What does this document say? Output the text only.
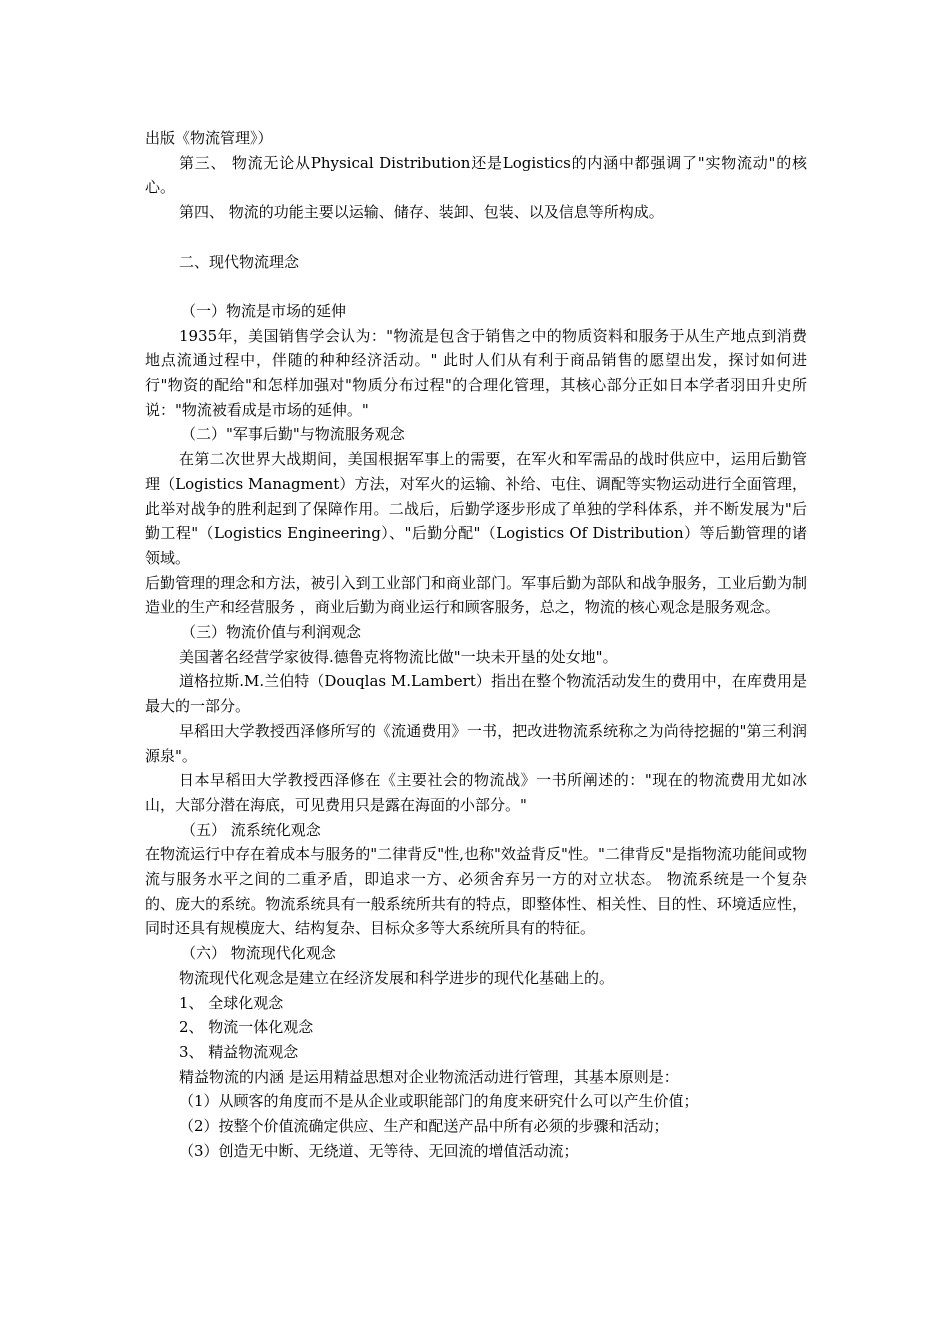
出版《物流管理》）

第三、 物流无论从Physical Distribution还是Logistics的内涵中都强调了"实物流动"的核心。

第四、 物流的功能主要以运输、储存、装卸、包装、以及信息等所构成。

二、现代物流理念

（一）物流是市场的延伸

1935年，美国销售学会认为："物流是包含于销售之中的物质资料和服务于从生产地点到消费地点流通过程中，伴随的种种经济活动。" 此时人们从有利于商品销售的愿望出发，探讨如何进行"物资的配给"和怎样加强对"物质分布过程"的合理化管理，其核心部分正如日本学者羽田升史所说："物流被看成是市场的延伸。"

（二）"军事后勤"与物流服务观念

在第二次世界大战期间，美国根据军事上的需要，在军火和军需品的战时供应中，运用后勤管理（Logistics Managment）方法，对军火的运输、补给、屯住、调配等实物运动进行全面管理，此举对战争的胜利起到了保障作用。二战后，后勤学逐步形成了单独的学科体系，并不断发展为"后勤工程"（Logistics Engineering）、"后勤分配"（Logistics Of Distribution）等后勤管理的诸领域。

后勤管理的理念和方法，被引入到工业部门和商业部门。军事后勤为部队和战争服务，工业后勤为制造业的生产和经营服务 ，商业后勤为商业运行和顾客服务，总之，物流的核心观念是服务观念。

（三）物流价值与利润观念

美国著名经营学家彼得.德鲁克将物流比做"一块未开垦的处女地"。

道格拉斯.M.兰伯特（Douqlas M.Lambert）指出在整个物流活动发生的费用中，在库费用是最大的一部分。

早稻田大学教授西泽修所写的《流通费用》一书，把改进物流系统称之为尚待挖掘的"第三利润源泉"。

日本早稻田大学教授西泽修在《主要社会的物流战》一书所阐述的："现在的物流费用尤如冰山，大部分潜在海底，可见费用只是露在海面的小部分。"

（五） 流系统化观念

在物流运行中存在着成本与服务的"二律背反"性,也称"效益背反"性。"二律背反"是指物流功能间或物流与服务水平之间的二重矛盾，即追求一方、必须舍弃另一方的对立状态。 物流系统是一个复杂的、庞大的系统。物流系统具有一般系统所共有的特点，即整体性、相关性、目的性、环境适应性，同时还具有规模庞大、结构复杂、目标众多等大系统所具有的特征。

（六） 物流现代化观念

物流现代化观念是建立在经济发展和科学进步的现代化基础上的。

1、 全球化观念

2、 物流一体化观念

3、 精益物流观念

精益物流的内涵 是运用精益思想对企业物流活动进行管理，其基本原则是：

（1）从顾客的角度而不是从企业或职能部门的角度来研究什么可以产生价值；

（2）按整个价值流确定供应、生产和配送产品中所有必须的步骤和活动；

（3）创造无中断、无绕道、无等待、无回流的增值活动流；
